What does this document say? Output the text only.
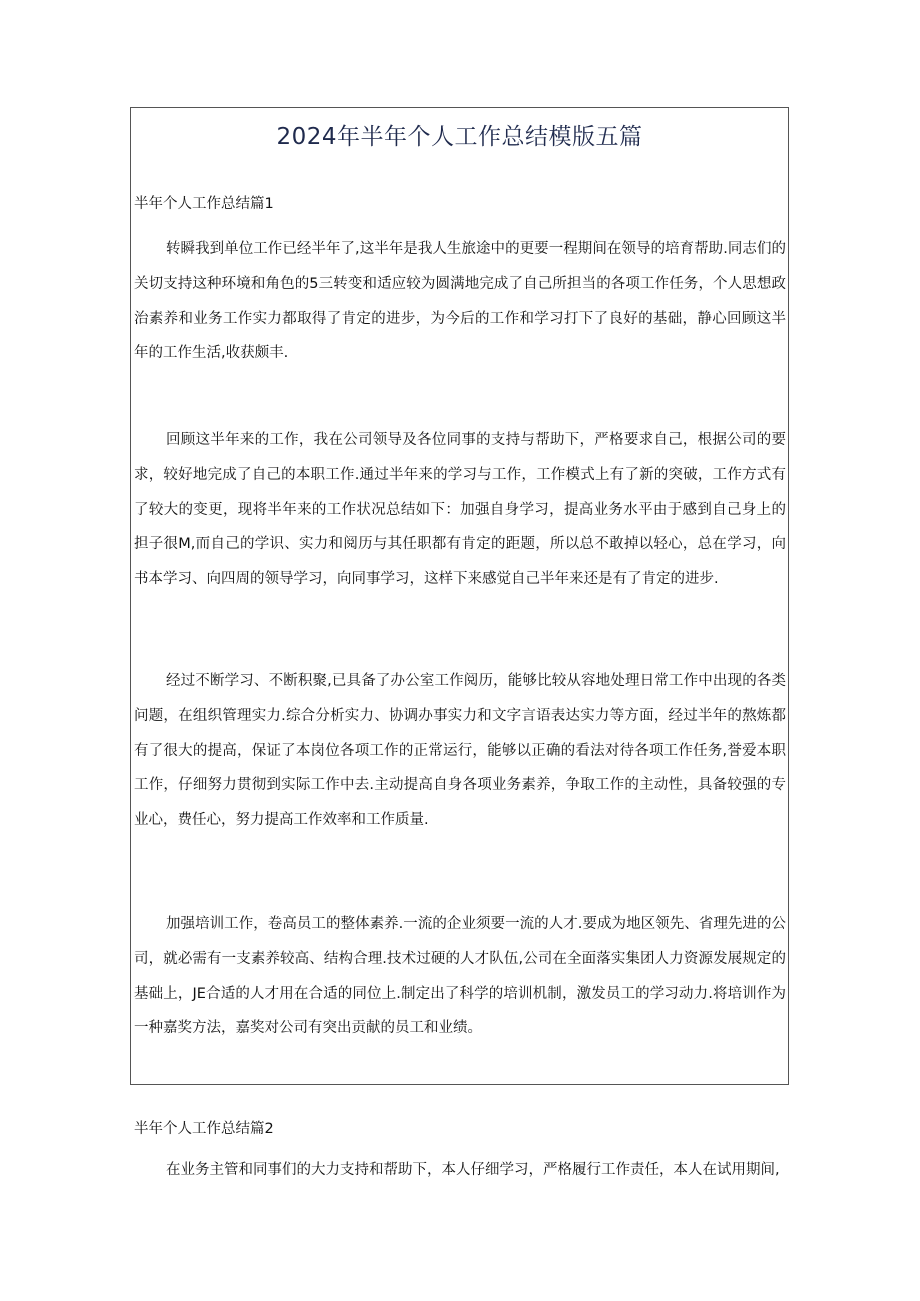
2024年半年个人工作总结模版五篇

半年个人工作总结篇1

转瞬我到单位工作已经半年了,这半年是我人生旅途中的更要一程期间在领导的培育帮助.同志们的关切支持这种环境和角色的5三转变和适应较为圆满地完成了自己所担当的各项工作任务，个人思想政治素养和业务工作实力都取得了肯定的进步，为今后的工作和学习打下了良好的基础，静心回顾这半年的工作生活,收获颇丰.

回顾这半年来的工作，我在公司领导及各位同事的支持与帮助下，严格要求自己，根据公司的要求，较好地完成了自己的本职工作.通过半年来的学习与工作，工作模式上有了新的突破，工作方式有了较大的变更，现将半年来的工作状况总结如下：加强自身学习，提高业务水平由于感到自己身上的担子很M,而自己的学识、实力和阅历与其任职都有肯定的距题，所以总不敢掉以轻心，总在学习，向书本学习、向四周的领导学习，向同事学习，这样下来感觉自己半年来还是有了肯定的进步.

经过不断学习、不断积聚,已具备了办公室工作阅历，能够比较从容地处理日常工作中出现的各类问题，在组织管理实力.综合分析实力、协调办事实力和文字言语表达实力等方面，经过半年的熬炼都有了很大的提高，保证了本岗位各项工作的正常运行，能够以正确的看法对待各项工作任务,誉爱本职工作，仔细努力贯彻到实际工作中去.主动提高自身各项业务素养，争取工作的主动性，具备较强的专业心，费任心，努力提高工作效率和工作质量.

加强培训工作，卷高员工的整体素养.一流的企业须要一流的人才.要成为地区领先、省理先进的公司，就必需有一支素养较高、结构合理.技术过硬的人才队伍,公司在全面落实集团人力资源发展规定的基础上，JE合适的人才用在合适的同位上.制定出了科学的培训机制，激发员工的学习动力.将培训作为一种嘉奖方法，嘉奖对公司有突出贡献的员工和业绩。

半年个人工作总结篇2

在业务主管和同事们的大力支持和帮助下，本人仔细学习，严格履行工作责任，本人在试用期间,
